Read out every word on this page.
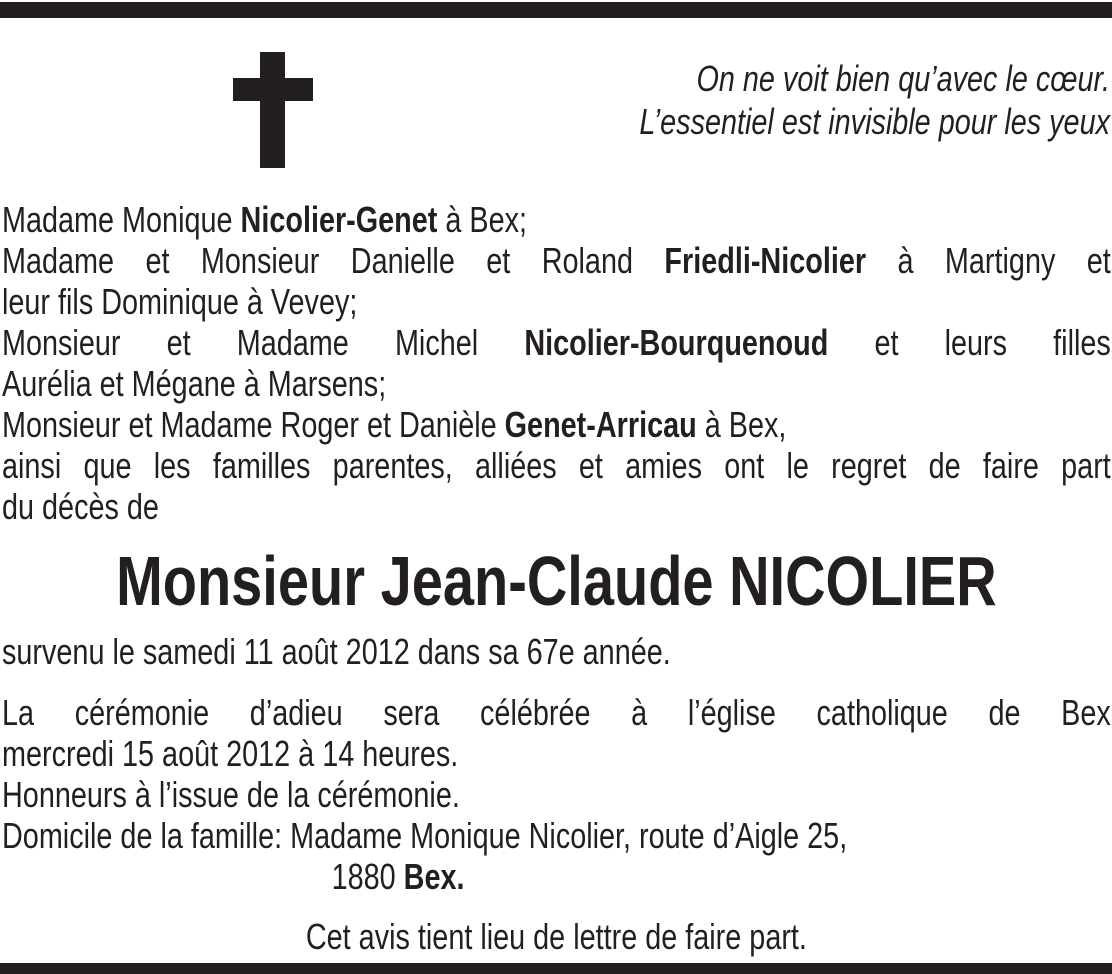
On ne voit bien qu’avec le cœur.
L’essentiel est invisible pour les yeux
Madame Monique Nicolier-Genet à Bex;
Madame et Monsieur Danielle et Roland Friedli-Nicolier à Martigny et
leur fils Dominique à Vevey;
Monsieur et Madame Michel Nicolier-Bourquenoud et leurs filles
Aurélia et Mégane à Marsens;
Monsieur et Madame Roger et Danièle Genet-Arricau à Bex,
ainsi que les familles parentes, alliées et amies ont le regret de faire part
du décès de
Monsieur Jean-Claude NICOLIER
survenu le samedi 11 août 2012 dans sa 67e année.
La cérémonie d’adieu sera célébrée à l’église catholique de Bex
mercredi 15 août 2012 à 14 heures.
Honneurs à l’issue de la cérémonie.
Domicile de la famille: Madame Monique Nicolier, route d’Aigle 25,
1880 Bex.
Cet avis tient lieu de lettre de faire part.
